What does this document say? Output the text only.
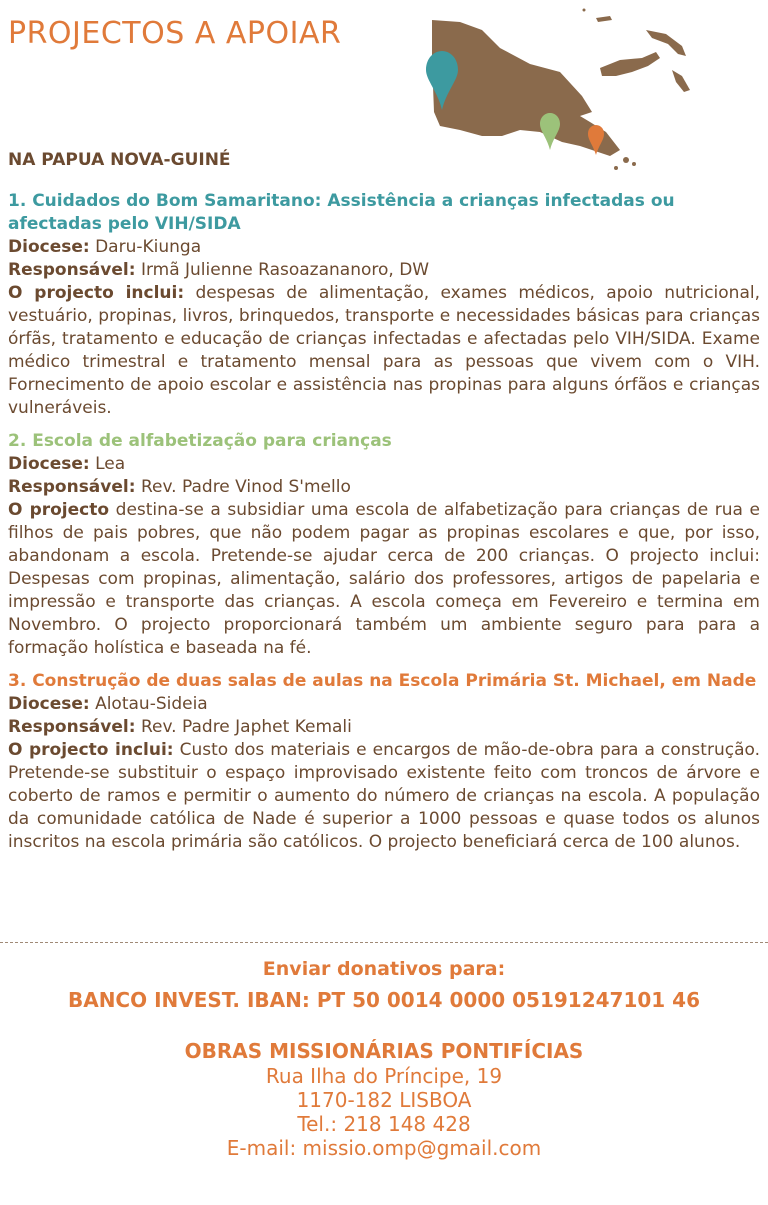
PROJECTOS A APOIAR
NA PAPUA NOVA-GUINÉ
1. Cuidados do Bom Samaritano: Assistência a crianças infectadas ou afectadas pelo VIH/SIDA
Diocese: Daru-Kiunga
Responsável: Irmã Julienne Rasoazananoro, DW
O projecto inclui: despesas de alimentação, exames médicos, apoio nutricional, vestuário, propinas, livros, brinquedos, transporte e necessidades básicas para crianças órfãs, tratamento e educação de crianças infectadas e afectadas pelo VIH/SIDA. Exame médico trimestral e tratamento mensal para as pessoas que vivem com o VIH. Fornecimento de apoio escolar e assistência nas propinas para alguns órfãos e crianças vulneráveis.
2. Escola de alfabetização para crianças
Diocese: Lea
Responsável: Rev. Padre Vinod S'mello
O projecto destina-se a subsidiar uma escola de alfabetização para crianças de rua e filhos de pais pobres, que não podem pagar as propinas escolares e que, por isso, abandonam a escola. Pretende-se ajudar cerca de 200 crianças. O projecto inclui: Despesas com propinas, alimentação, salário dos professores, artigos de papelaria e impressão e transporte das crianças. A escola começa em Fevereiro e termina em Novembro. O projecto proporcionará também um ambiente seguro para para a formação holística e baseada na fé.
3. Construção de duas salas de aulas na Escola Primária St. Michael, em Nade
Diocese: Alotau-Sideia
Responsável: Rev. Padre Japhet Kemali
O projecto inclui: Custo dos materiais e encargos de mão-de-obra para a construção. Pretende-se substituir o espaço improvisado existente feito com troncos de árvore e coberto de ramos e permitir o aumento do número de crianças na escola. A população da comunidade católica de Nade é superior a 1000 pessoas e quase todos os alunos inscritos na escola primária são católicos. O projecto beneficiará cerca de 100 alunos.
Enviar donativos para:
BANCO INVEST. IBAN: PT 50 0014 0000 05191247101 46
OBRAS MISSIONÁRIAS PONTIFÍCIAS
Rua Ilha do Príncipe, 19
1170-182 LISBOA
Tel.: 218 148 428
E-mail: missio.omp@gmail.com
